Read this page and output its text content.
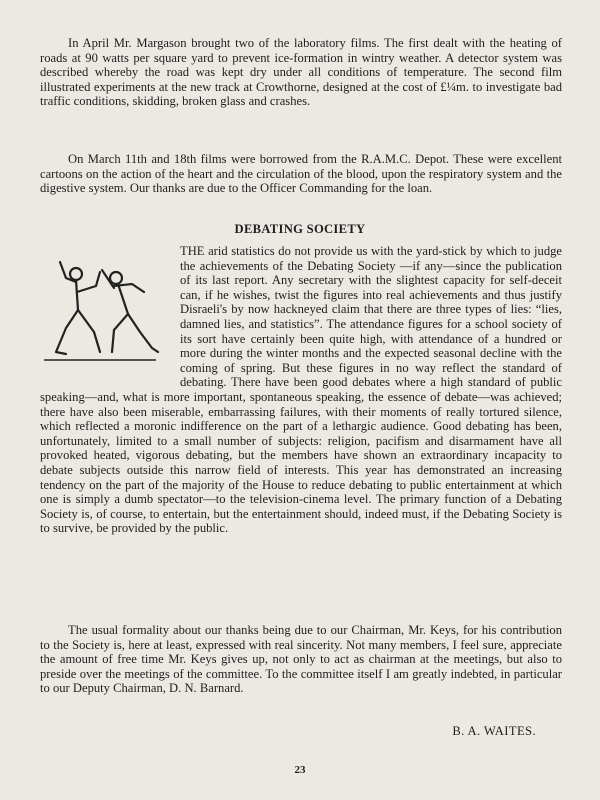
In April Mr. Margason brought two of the laboratory films. The first dealt with the heating of roads at 90 watts per square yard to prevent ice-formation in wintry weather. A detector system was described whereby the road was kept dry under all conditions of temperature. The second film illustrated experiments at the new track at Crowthorne, designed at the cost of £¼m. to investigate bad traffic conditions, skidding, broken glass and crashes.

On March 11th and 18th films were borrowed from the R.A.M.C. Depot. These were excellent cartoons on the action of the heart and the circulation of the blood, upon the respiratory system and the digestive system. Our thanks are due to the Officer Commanding for the loan.

DEBATING SOCIETY

THE arid statistics do not provide us with the yard-stick by which to judge the achievements of the Debating Society —if any—since the publication of its last report. Any secretary with the slightest capacity for self-deceit can, if he wishes, twist the figures into real achievements and thus justify Disraeli's by now hackneyed claim that there are three types of lies: “lies, damned lies, and statistics”. The attendance figures for a school society of its sort have certainly been quite high, with attendance of a hundred or more during the winter months and the expected seasonal decline with the coming of spring. But these figures in no way reflect the standard of debating. There have been good debates where a high standard of public speaking—and, what is more important, spontaneous speaking, the essence of debate—was achieved; there have also been miserable, embarrassing failures, with their moments of really tortured silence, which reflected a moronic indifference on the part of a lethargic audience. Good debating has been, unfortunately, limited to a small number of subjects: religion, pacifism and disarmament have all provoked heated, vigorous debating, but the members have shown an extraordinary incapacity to debate subjects outside this narrow field of interests. This year has demonstrated an increasing tendency on the part of the majority of the House to reduce debating to public entertainment at which one is simply a dumb spectator—to the television-cinema level. The primary function of a Debating Society is, of course, to entertain, but the entertainment should, indeed must, if the Debating Society is to survive, be provided by the public.

The usual formality about our thanks being due to our Chairman, Mr. Keys, for his contribution to the Society is, here at least, expressed with real sincerity. Not many members, I feel sure, appreciate the amount of free time Mr. Keys gives up, not only to act as chairman at the meetings, but also to preside over the meetings of the committee. To the committee itself I am greatly indebted, in particular to our Deputy Chairman, D. N. Barnard.

B. A. WAITES.
23
